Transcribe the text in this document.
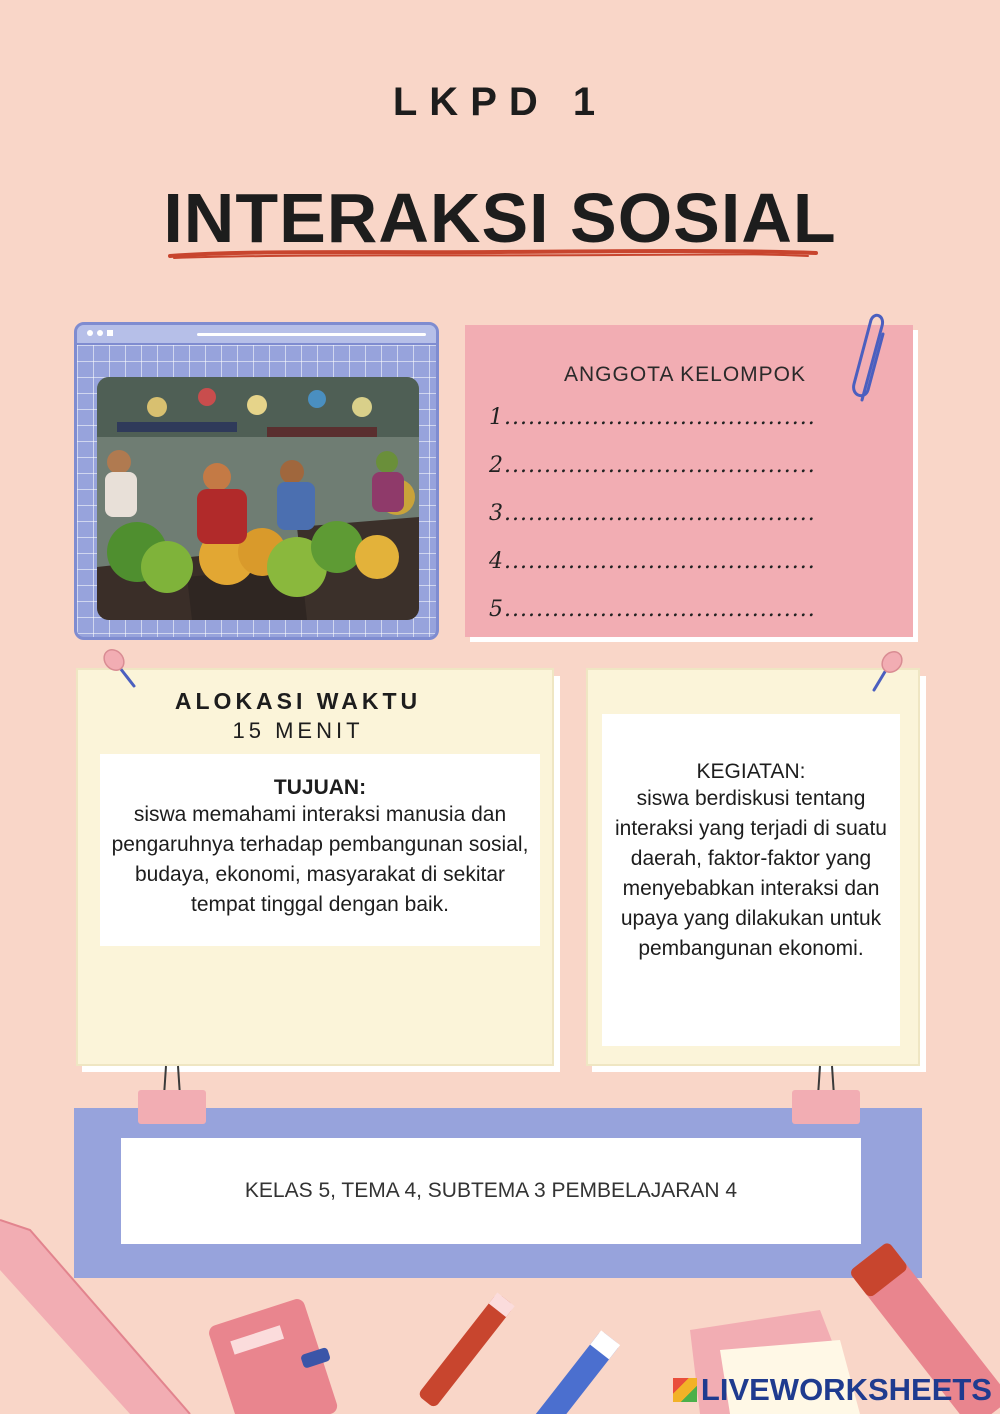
LKPD 1
INTERAKSI SOSIAL
ANGGOTA KELOMPOK
1.......................................
2.......................................
3.......................................
4.......................................
5.......................................
ALOKASI WAKTU
15 MENIT
TUJUAN:
siswa memahami interaksi manusia dan pengaruhnya terhadap pembangunan sosial, budaya, ekonomi, masyarakat di sekitar tempat tinggal dengan baik.
KEGIATAN:
siswa berdiskusi tentang interaksi yang terjadi di suatu daerah, faktor-faktor yang menyebabkan interaksi dan upaya yang dilakukan untuk pembangunan ekonomi.
KELAS 5, TEMA 4, SUBTEMA 3 PEMBELAJARAN 4
LIVEWORKSHEETS
